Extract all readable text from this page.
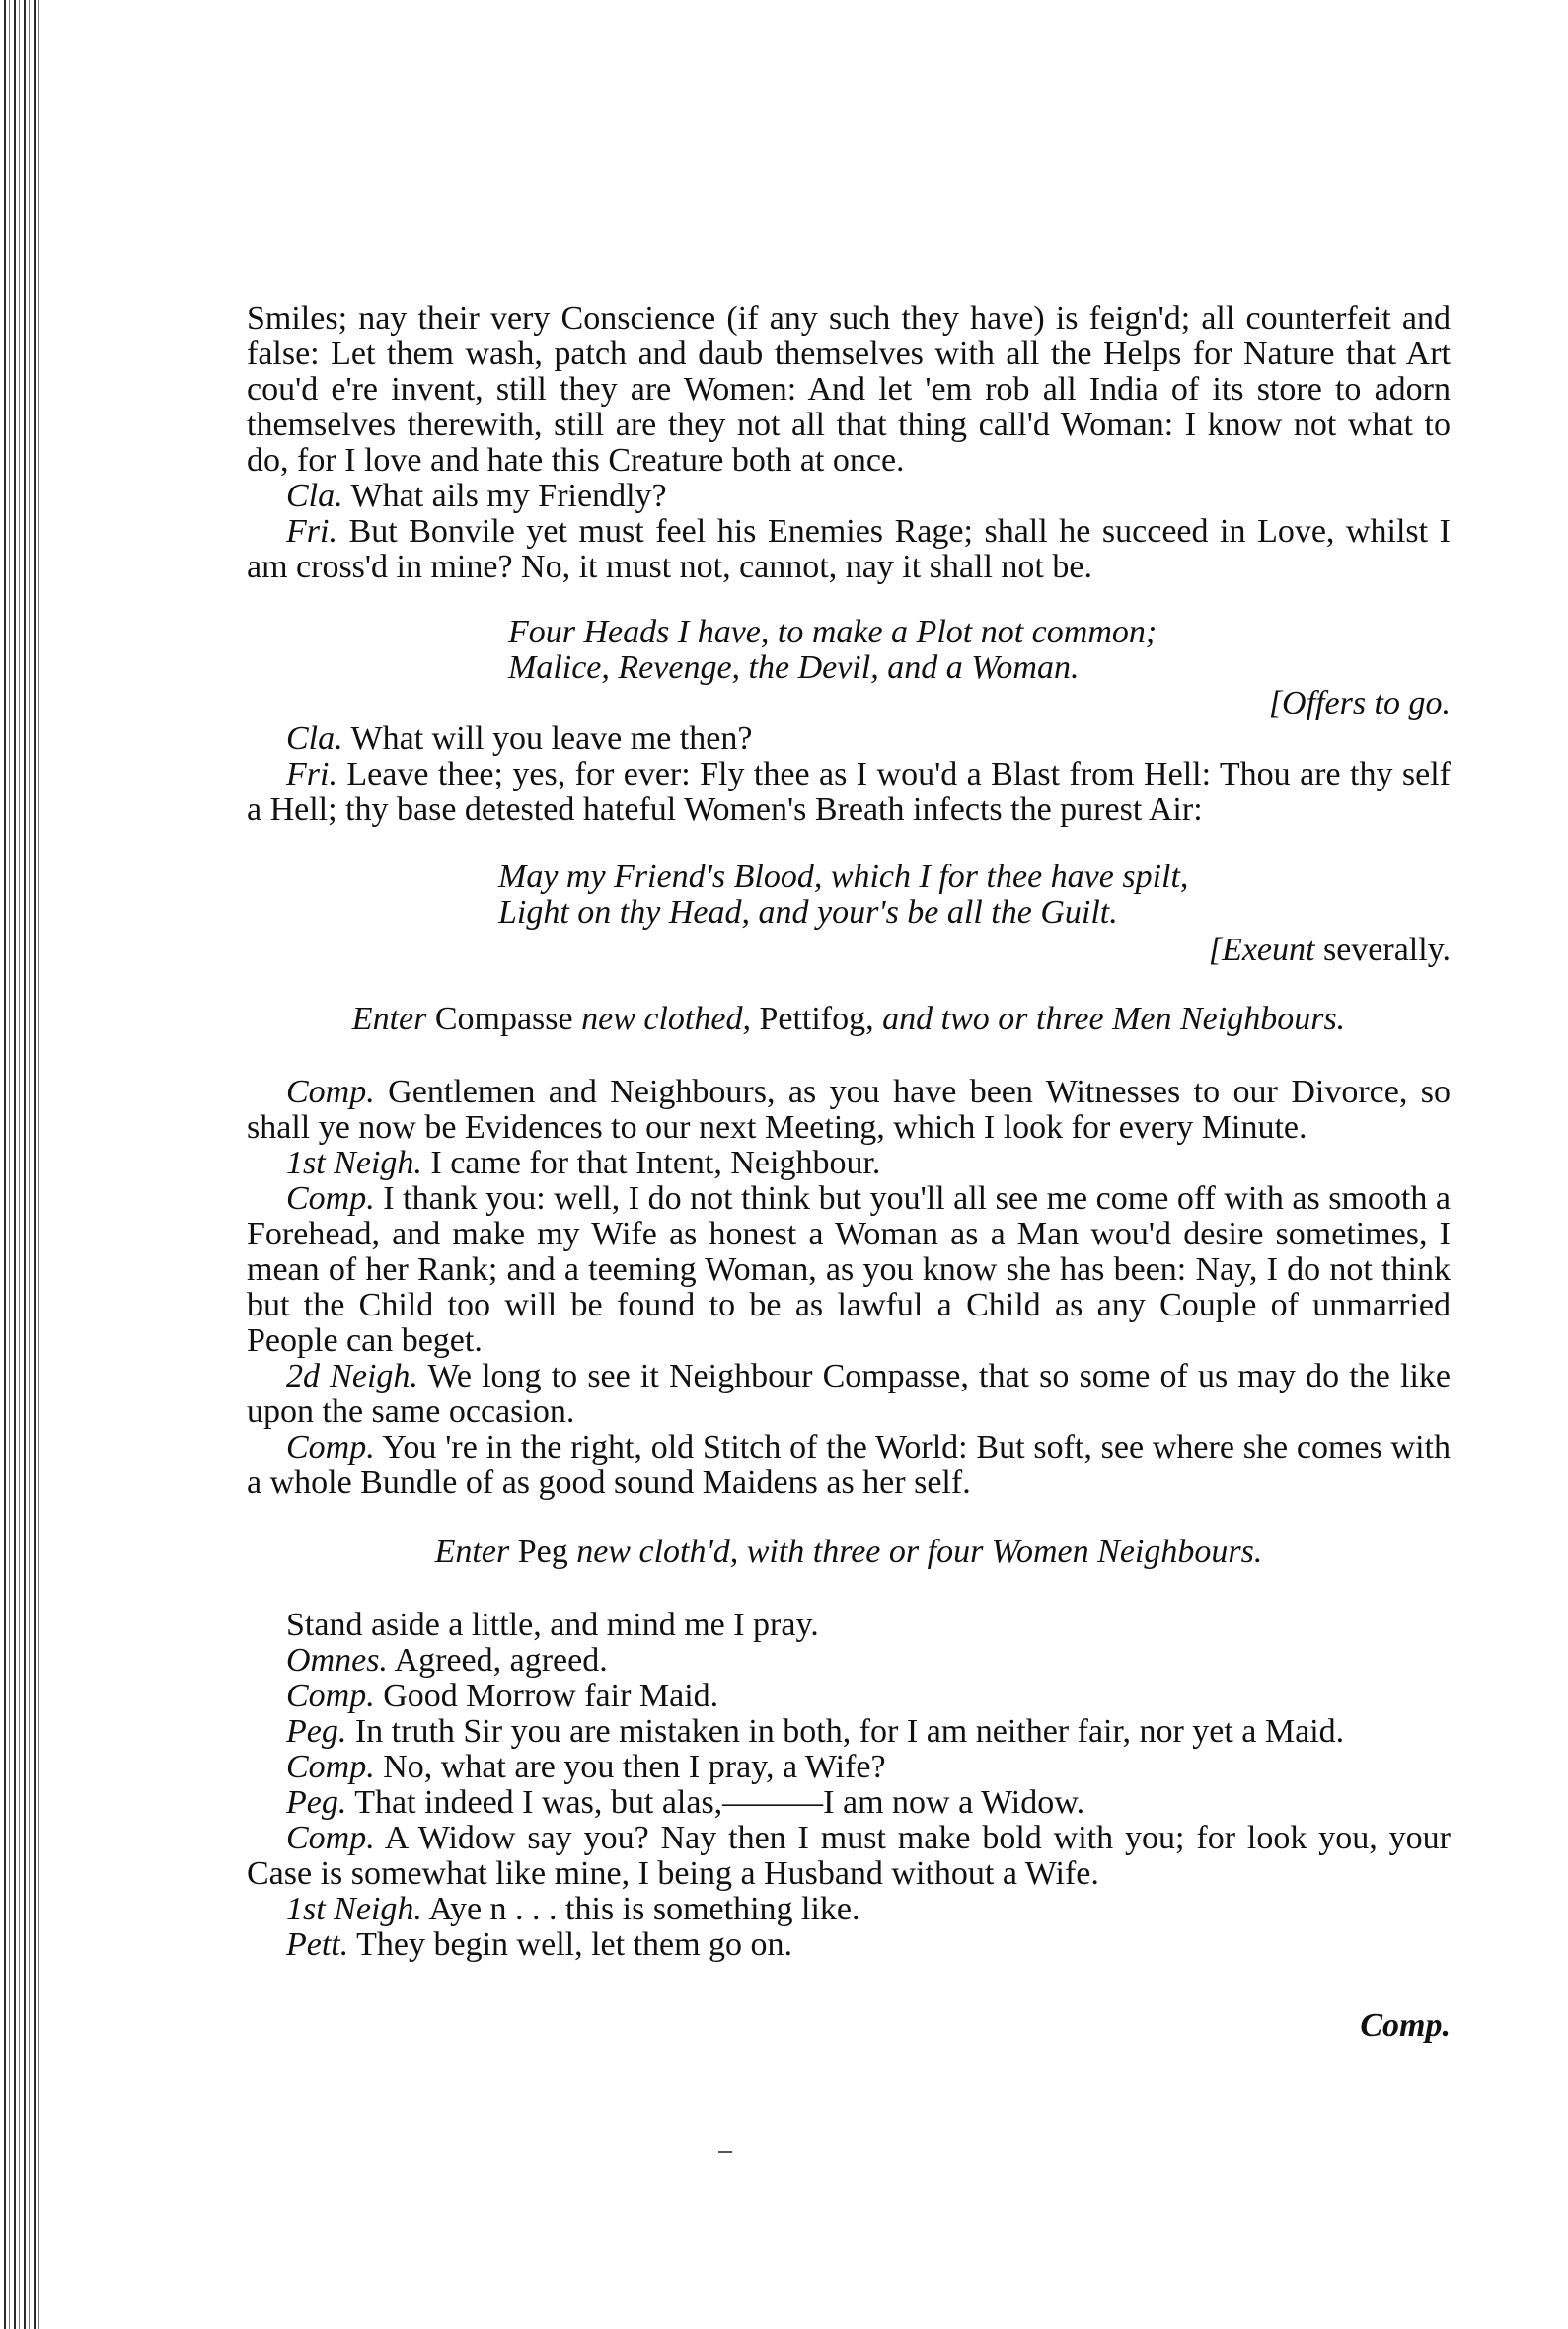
Smiles; nay their very Conscience (if any such they have) is feign'd; all counterfeit and false: Let them wash, patch and daub themselves with all the Helps for Nature that Art cou'd e're invent, still they are Women: And let 'em rob all India of its store to adorn themselves therewith, still are they not all that thing call'd Woman: I know not what to do, for I love and hate this Creature both at once.

Cla. What ails my Friendly?

Fri. But Bonvile yet must feel his Enemies Rage; shall he succeed in Love, whilst I am cross'd in mine? No, it must not, cannot, nay it shall not be.

Four Heads I have, to make a Plot not common;

Malice, Revenge, the Devil, and a Woman.

[Offers to go.

Cla. What will you leave me then?

Fri. Leave thee; yes, for ever: Fly thee as I wou'd a Blast from Hell: Thou are thy self a Hell; thy base detested hateful Women's Breath infects the purest Air:

May my Friend's Blood, which I for thee have spilt,

Light on thy Head, and your's be all the Guilt.

[Exeunt severally.

Enter Compasse new clothed, Pettifog, and two or three Men Neighbours.

Comp. Gentlemen and Neighbours, as you have been Witnesses to our Divorce, so shall ye now be Evidences to our next Meeting, which I look for every Minute.

1st Neigh. I came for that Intent, Neighbour.

Comp. I thank you: well, I do not think but you'll all see me come off with as smooth a Forehead, and make my Wife as honest a Woman as a Man wou'd desire sometimes, I mean of her Rank; and a teeming Woman, as you know she has been: Nay, I do not think but the Child too will be found to be as lawful a Child as any Couple of unmarried People can beget.

2d Neigh. We long to see it Neighbour Compasse, that so some of us may do the like upon the same occasion.

Comp. You 're in the right, old Stitch of the World: But soft, see where she comes with a whole Bundle of as good sound Maidens as her self.

Enter Peg new cloth'd, with three or four Women Neighbours.

Stand aside a little, and mind me I pray.

Omnes. Agreed, agreed.

Comp. Good Morrow fair Maid.

Peg. In truth Sir you are mistaken in both, for I am neither fair, nor yet a Maid.

Comp. No, what are you then I pray, a Wife?

Peg. That indeed I was, but alas,———I am now a Widow.

Comp. A Widow say you? Nay then I must make bold with you; for look you, your Case is somewhat like mine, I being a Husband without a Wife.

1st Neigh. Aye n . . . this is something like.

Pett. They begin well, let them go on.

Comp.
